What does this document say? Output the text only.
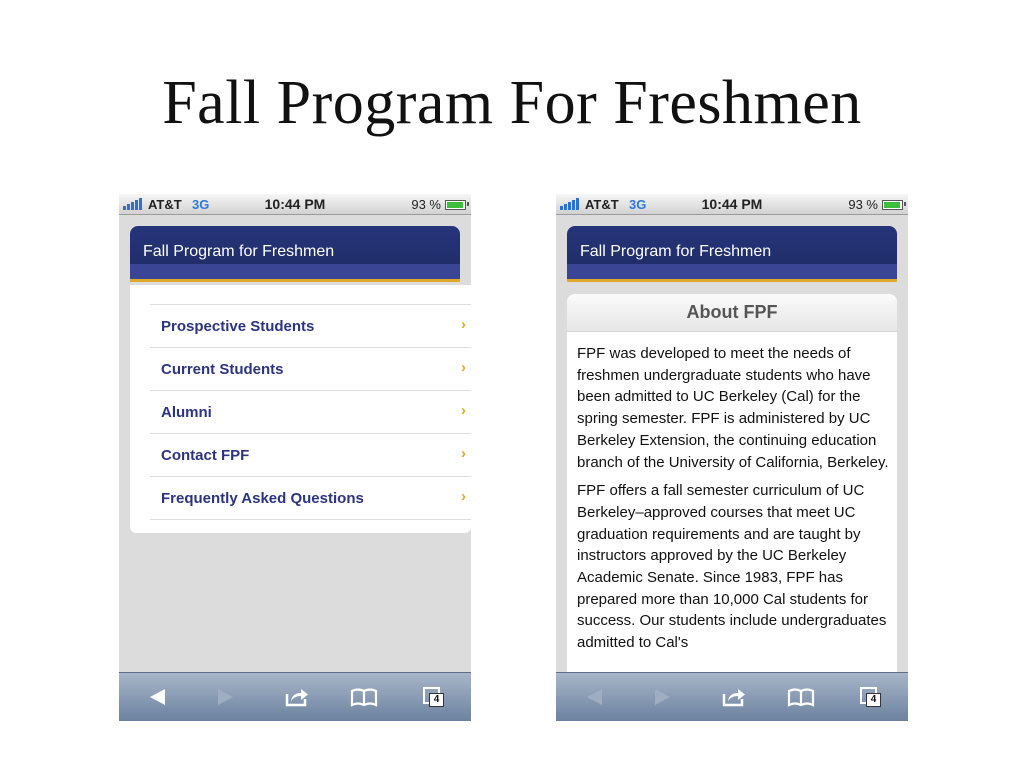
Fall Program For Freshmen
AT&T 3G	10:44 PM	93 %
Fall Program for Freshmen
Prospective Students	›
Current Students	›
Alumni	›
Contact FPF	›
Frequently Asked Questions	›
4
AT&T 3G	10:44 PM	93 %
Fall Program for Freshmen
About FPF

FPF was developed to meet the needs of freshmen undergraduate students who have been admitted to UC Berkeley (Cal) for the spring semester. FPF is administered by UC Berkeley Extension, the continuing education branch of the University of California, Berkeley.

FPF offers a fall semester curriculum of UC Berkeley–approved courses that meet UC graduation requirements and are taught by instructors approved by the UC Berkeley Academic Senate. Since 1983, FPF has prepared more than 10,000 Cal students for success. Our students include undergraduates admitted to Cal's

4
